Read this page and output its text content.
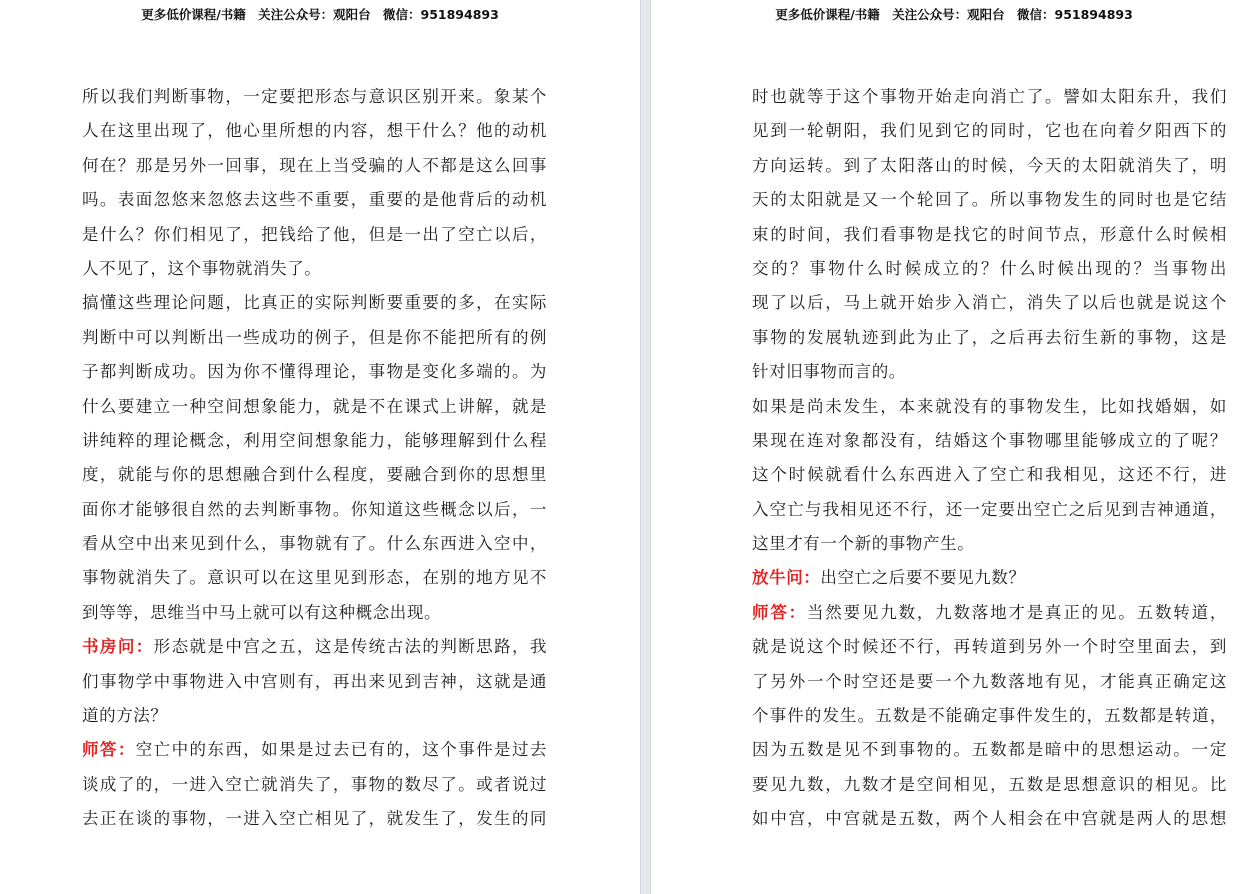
更多低价课程/书籍 关注公众号：观阳台 微信：951894893
所以我们判断事物，一定要把形态与意识区别开来。象某个
人在这里出现了，他心里所想的内容，想干什么？他的动机
何在？那是另外一回事，现在上当受骗的人不都是这么回事
吗。表面忽悠来忽悠去这些不重要，重要的是他背后的动机
是什么？你们相见了，把钱给了他，但是一出了空亡以后，
人不见了，这个事物就消失了。
搞懂这些理论问题，比真正的实际判断要重要的多，在实际
判断中可以判断出一些成功的例子，但是你不能把所有的例
子都判断成功。因为你不懂得理论，事物是变化多端的。为
什么要建立一种空间想象能力，就是不在课式上讲解，就是
讲纯粹的理论概念，利用空间想象能力，能够理解到什么程
度，就能与你的思想融合到什么程度，要融合到你的思想里
面你才能够很自然的去判断事物。你知道这些概念以后，一
看从空中出来见到什么，事物就有了。什么东西进入空中，
事物就消失了。意识可以在这里见到形态，在别的地方见不
到等等，思维当中马上就可以有这种概念出现。
书房问：形态就是中宫之五，这是传统古法的判断思路，我
们事物学中事物进入中宫则有，再出来见到吉神，这就是通
道的方法？
师答：空亡中的东西，如果是过去已有的，这个事件是过去
谈成了的，一进入空亡就消失了，事物的数尽了。或者说过
去正在谈的事物，一进入空亡相见了，就发生了，发生的同
更多低价课程/书籍 关注公众号：观阳台 微信：951894893
时也就等于这个事物开始走向消亡了。譬如太阳东升，我们
见到一轮朝阳，我们见到它的同时，它也在向着夕阳西下的
方向运转。到了太阳落山的时候，今天的太阳就消失了，明
天的太阳就是又一个轮回了。所以事物发生的同时也是它结
束的时间，我们看事物是找它的时间节点，形意什么时候相
交的？事物什么时候成立的？什么时候出现的？当事物出
现了以后，马上就开始步入消亡，消失了以后也就是说这个
事物的发展轨迹到此为止了，之后再去衍生新的事物，这是
针对旧事物而言的。
如果是尚未发生，本来就没有的事物发生，比如找婚姻，如
果现在连对象都没有，结婚这个事物哪里能够成立的了呢？
这个时候就看什么东西进入了空亡和我相见，这还不行，进
入空亡与我相见还不行，还一定要出空亡之后见到吉神通道，
这里才有一个新的事物产生。
放牛问：出空亡之后要不要见九数？
师答：当然要见九数，九数落地才是真正的见。五数转道，
就是说这个时候还不行，再转道到另外一个时空里面去，到
了另外一个时空还是要一个九数落地有见，才能真正确定这
个事件的发生。五数是不能确定事件发生的，五数都是转道，
因为五数是见不到事物的。五数都是暗中的思想运动。一定
要见九数，九数才是空间相见，五数是思想意识的相见。比
如中宫，中宫就是五数，两个人相会在中宫就是两人的思想
